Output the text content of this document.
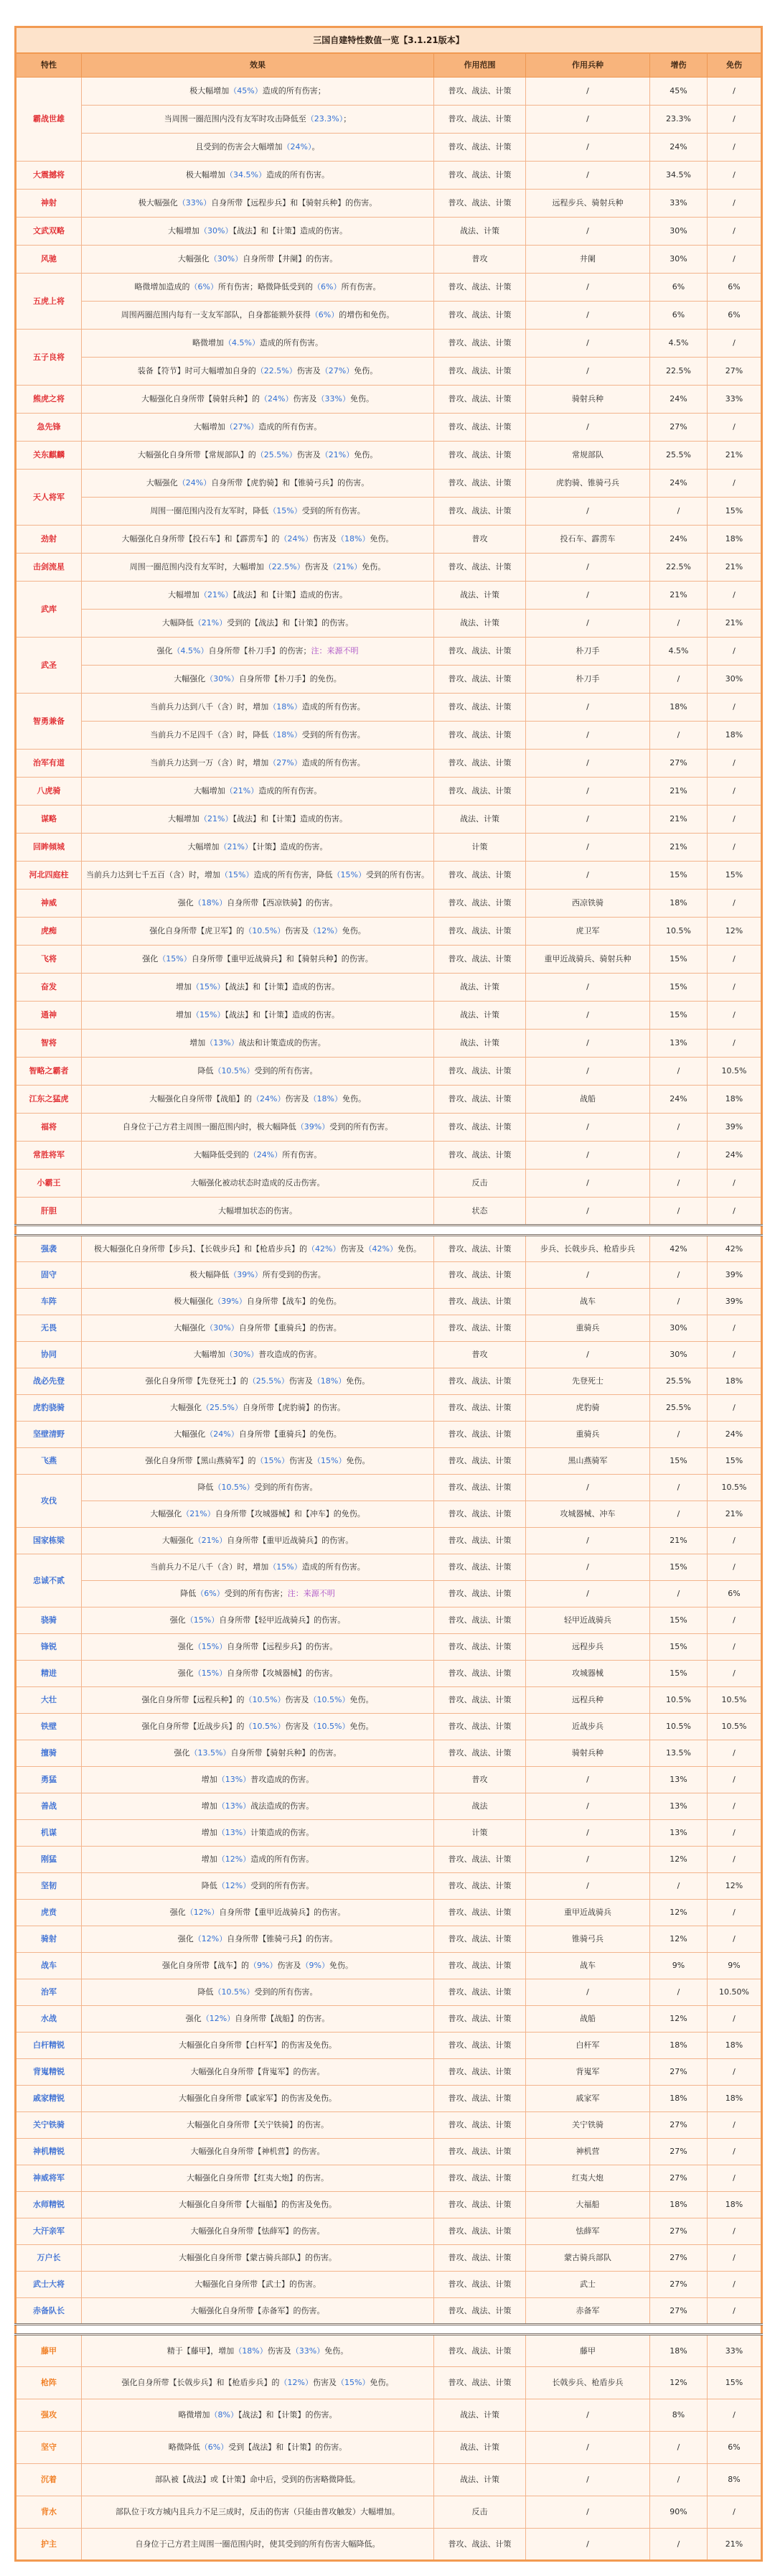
三国自建特性数值一览【3.1.21版本】					
特性	效果	作用范围	作用兵种	增伤	免伤
霸战世雄	极大幅增加（45%）造成的所有伤害；	普攻、战法、计策	/	45%	/
	当周围一圈范围内没有友军时攻击降低至（23.3%）；	普攻、战法、计策	/	23.3%	/
	且受到的伤害会大幅增加（24%）。	普攻、战法、计策	/	24%	/
大震撼将	极大幅增加（34.5%）造成的所有伤害。	普攻、战法、计策	/	34.5%	/
神射	极大幅强化（33%）自身所带【远程步兵】和【骑射兵种】的伤害。	普攻、战法、计策	远程步兵、骑射兵种	33%	/
文武双略	大幅增加（30%）【战法】和【计策】造成的伤害。	战法、计策	/	30%	/
风驰	大幅强化（30%）自身所带【井阑】的伤害。	普攻	井阑	30%	/
五虎上将	略微增加造成的（6%）所有伤害；略微降低受到的（6%）所有伤害。	普攻、战法、计策	/	6%	6%
	周围两圈范围内每有一支友军部队，自身都能额外获得（6%）的增伤和免伤。	普攻、战法、计策	/	6%	6%
五子良将	略微增加（4.5%）造成的所有伤害。	普攻、战法、计策	/	4.5%	/
	装备【符节】时可大幅增加自身的（22.5%）伤害及（27%）免伤。	普攻、战法、计策	/	22.5%	27%
熊虎之将	大幅强化自身所带【骑射兵种】的（24%）伤害及（33%）免伤。	普攻、战法、计策	骑射兵种	24%	33%
急先锋	大幅增加（27%）造成的所有伤害。	普攻、战法、计策	/	27%	/
关东麒麟	大幅强化自身所带【常规部队】的（25.5%）伤害及（21%）免伤。	普攻、战法、计策	常规部队	25.5%	21%
天人将军	大幅强化（24%）自身所带【虎豹骑】和【锥骑弓兵】的伤害。	普攻、战法、计策	虎豹骑、锥骑弓兵	24%	/
	周围一圈范围内没有友军时，降低（15%）受到的所有伤害。	普攻、战法、计策	/	/	15%
劲射	大幅强化自身所带【投石车】和【霹雳车】的（24%）伤害及（18%）免伤。	普攻	投石车、霹雳车	24%	18%
击剑流星	周围一圈范围内没有友军时，大幅增加（22.5%）伤害及（21%）免伤。	普攻、战法、计策	/	22.5%	21%
武库	大幅增加（21%）【战法】和【计策】造成的伤害。	战法、计策	/	21%	/
	大幅降低（21%）受到的【战法】和【计策】的伤害。	战法、计策	/	/	21%
武圣	强化（4.5%）自身所带【朴刀手】的伤害；注：来源不明	普攻、战法、计策	朴刀手	4.5%	/
	大幅强化（30%）自身所带【朴刀手】的免伤。	普攻、战法、计策	朴刀手	/	30%
智勇兼备	当前兵力达到八千（含）时，增加（18%）造成的所有伤害。	普攻、战法、计策	/	18%	/
	当前兵力不足四千（含）时，降低（18%）受到的所有伤害。	普攻、战法、计策	/	/	18%
治军有道	当前兵力达到一万（含）时，增加（27%）造成的所有伤害。	普攻、战法、计策	/	27%	/
八虎骑	大幅增加（21%）造成的所有伤害。	普攻、战法、计策	/	21%	/
谋略	大幅增加（21%）【战法】和【计策】造成的伤害。	战法、计策	/	21%	/
回眸倾城	大幅增加（21%）【计策】造成的伤害。	计策	/	21%	/
河北四庭柱	当前兵力达到七千五百（含）时，增加（15%）造成的所有伤害，降低（15%）受到的所有伤害。	普攻、战法、计策	/	15%	15%
神威	强化（18%）自身所带【西凉铁骑】的伤害。	普攻、战法、计策	西凉铁骑	18%	/
虎痴	强化自身所带【虎卫军】的（10.5%）伤害及（12%）免伤。	普攻、战法、计策	虎卫军	10.5%	12%
飞将	强化（15%）自身所带【重甲近战骑兵】和【骑射兵种】的伤害。	普攻、战法、计策	重甲近战骑兵、骑射兵种	15%	/
奋发	增加（15%）【战法】和【计策】造成的伤害。	战法、计策	/	15%	/
通神	增加（15%）【战法】和【计策】造成的伤害。	战法、计策	/	15%	/
智将	增加（13%）战法和计策造成的伤害。	战法、计策	/	13%	/
智略之霸者	降低（10.5%）受到的所有伤害。	普攻、战法、计策	/	/	10.5%
江东之猛虎	大幅强化自身所带【战船】的（24%）伤害及（18%）免伤。	普攻、战法、计策	战船	24%	18%
福将	自身位于己方君主周围一圈范围内时，极大幅降低（39%）受到的所有伤害。	普攻、战法、计策	/	/	39%
常胜将军	大幅降低受到的（24%）所有伤害。	普攻、战法、计策	/	/	24%
小霸王	大幅强化被动状态时造成的反击伤害。	反击	/	/	/
肝胆	大幅增加状态的伤害。	状态	/	/	/

强袭	极大幅强化自身所带【步兵】、【长戟步兵】和【枪盾步兵】的（42%）伤害及（42%）免伤。	普攻、战法、计策	步兵、长戟步兵、枪盾步兵	42%	42%
固守	极大幅降低（39%）所有受到的伤害。	普攻、战法、计策	/	/	39%
车阵	极大幅强化（39%）自身所带【战车】的免伤。	普攻、战法、计策	战车	/	39%
无畏	大幅强化（30%）自身所带【重骑兵】的伤害。	普攻、战法、计策	重骑兵	30%	/
协同	大幅增加（30%）普攻造成的伤害。	普攻	/	30%	/
战必先登	强化自身所带【先登死士】的（25.5%）伤害及（18%）免伤。	普攻、战法、计策	先登死士	25.5%	18%
虎豹骁骑	大幅强化（25.5%）自身所带【虎豹骑】的伤害。	普攻、战法、计策	虎豹骑	25.5%	/
坚壁清野	大幅强化（24%）自身所带【重骑兵】的免伤。	普攻、战法、计策	重骑兵	/	24%
飞燕	强化自身所带【黑山燕骑军】的（15%）伤害及（15%）免伤。	普攻、战法、计策	黑山燕骑军	15%	15%
攻伐	降低（10.5%）受到的所有伤害。	普攻、战法、计策	/	/	10.5%
	大幅强化（21%）自身所带【攻城器械】和【冲车】的免伤。	普攻、战法、计策	攻城器械、冲车	/	21%
国家栋梁	大幅强化（21%）自身所带【重甲近战骑兵】的伤害。	普攻、战法、计策	/	21%	/
忠诚不贰	当前兵力不足八千（含）时，增加（15%）造成的所有伤害。	普攻、战法、计策	/	15%	/
	降低（6%）受到的所有伤害；注：来源不明	普攻、战法、计策	/	/	6%
骁骑	强化（15%）自身所带【轻甲近战骑兵】的伤害。	普攻、战法、计策	轻甲近战骑兵	15%	/
锋锐	强化（15%）自身所带【远程步兵】的伤害。	普攻、战法、计策	远程步兵	15%	/
精进	强化（15%）自身所带【攻城器械】的伤害。	普攻、战法、计策	攻城器械	15%	/
大壮	强化自身所带【远程兵种】的（10.5%）伤害及（10.5%）免伤。	普攻、战法、计策	远程兵种	10.5%	10.5%
铁壁	强化自身所带【近战步兵】的（10.5%）伤害及（10.5%）免伤。	普攻、战法、计策	近战步兵	10.5%	10.5%
擅骑	强化（13.5%）自身所带【骑射兵种】的伤害。	普攻、战法、计策	骑射兵种	13.5%	/
勇猛	增加（13%）普攻造成的伤害。	普攻	/	13%	/
善战	增加（13%）战法造成的伤害。	战法	/	13%	/
机谋	增加（13%）计策造成的伤害。	计策	/	13%	/
刚猛	增加（12%）造成的所有伤害。	普攻、战法、计策	/	12%	/
坚韧	降低（12%）受到的所有伤害。	普攻、战法、计策	/	/	12%
虎贲	强化（12%）自身所带【重甲近战骑兵】的伤害。	普攻、战法、计策	重甲近战骑兵	12%	/
骑射	强化（12%）自身所带【锥骑弓兵】的伤害。	普攻、战法、计策	锥骑弓兵	12%	/
战车	强化自身所带【战车】的（9%）伤害及（9%）免伤。	普攻、战法、计策	战车	9%	9%
治军	降低（10.5%）受到的所有伤害。	普攻、战法、计策	/	/	10.50%
水战	强化（12%）自身所带【战船】的伤害。	普攻、战法、计策	战船	12%	/
白杆精锐	大幅强化自身所带【白杆军】的伤害及免伤。	普攻、战法、计策	白杆军	18%	18%
背嵬精锐	大幅强化自身所带【背嵬军】的伤害。	普攻、战法、计策	背嵬军	27%	/
戚家精锐	大幅强化自身所带【戚家军】的伤害及免伤。	普攻、战法、计策	戚家军	18%	18%
关宁铁骑	大幅强化自身所带【关宁铁骑】的伤害。	普攻、战法、计策	关宁铁骑	27%	/
神机精锐	大幅强化自身所带【神机营】的伤害。	普攻、战法、计策	神机营	27%	/
神威将军	大幅强化自身所带【红夷大炮】的伤害。	普攻、战法、计策	红夷大炮	27%	/
水师精锐	大幅强化自身所带【大福船】的伤害及免伤。	普攻、战法、计策	大福船	18%	18%
大汗亲军	大幅强化自身所带【怯薛军】的伤害。	普攻、战法、计策	怯薛军	27%	/
万户长	大幅强化自身所带【蒙古骑兵部队】的伤害。	普攻、战法、计策	蒙古骑兵部队	27%	/
武士大将	大幅强化自身所带【武士】的伤害。	普攻、战法、计策	武士	27%	/
赤备队长	大幅强化自身所带【赤备军】的伤害。	普攻、战法、计策	赤备军	27%	/

藤甲	精于【藤甲】，增加（18%）伤害及（33%）免伤。	普攻、战法、计策	藤甲	18%	33%
枪阵	强化自身所带【长戟步兵】和【枪盾步兵】的（12%）伤害及（15%）免伤。	普攻、战法、计策	长戟步兵、枪盾步兵	12%	15%
强攻	略微增加（8%）【战法】和【计策】的伤害。	战法、计策	/	8%	/
坚守	略微降低（6%）受到【战法】和【计策】的伤害。	战法、计策	/	/	6%
沉着	部队被【战法】或【计策】命中后，受到的伤害略微降低。	战法、计策	/	/	8%
背水	部队位于攻方城内且兵力不足三成时，反击的伤害（只能由普攻触发）大幅增加。	反击	/	90%	/
护主	自身位于己方君主周围一圈范围内时，使其受到的所有伤害大幅降低。	普攻、战法、计策	/	/	21%
